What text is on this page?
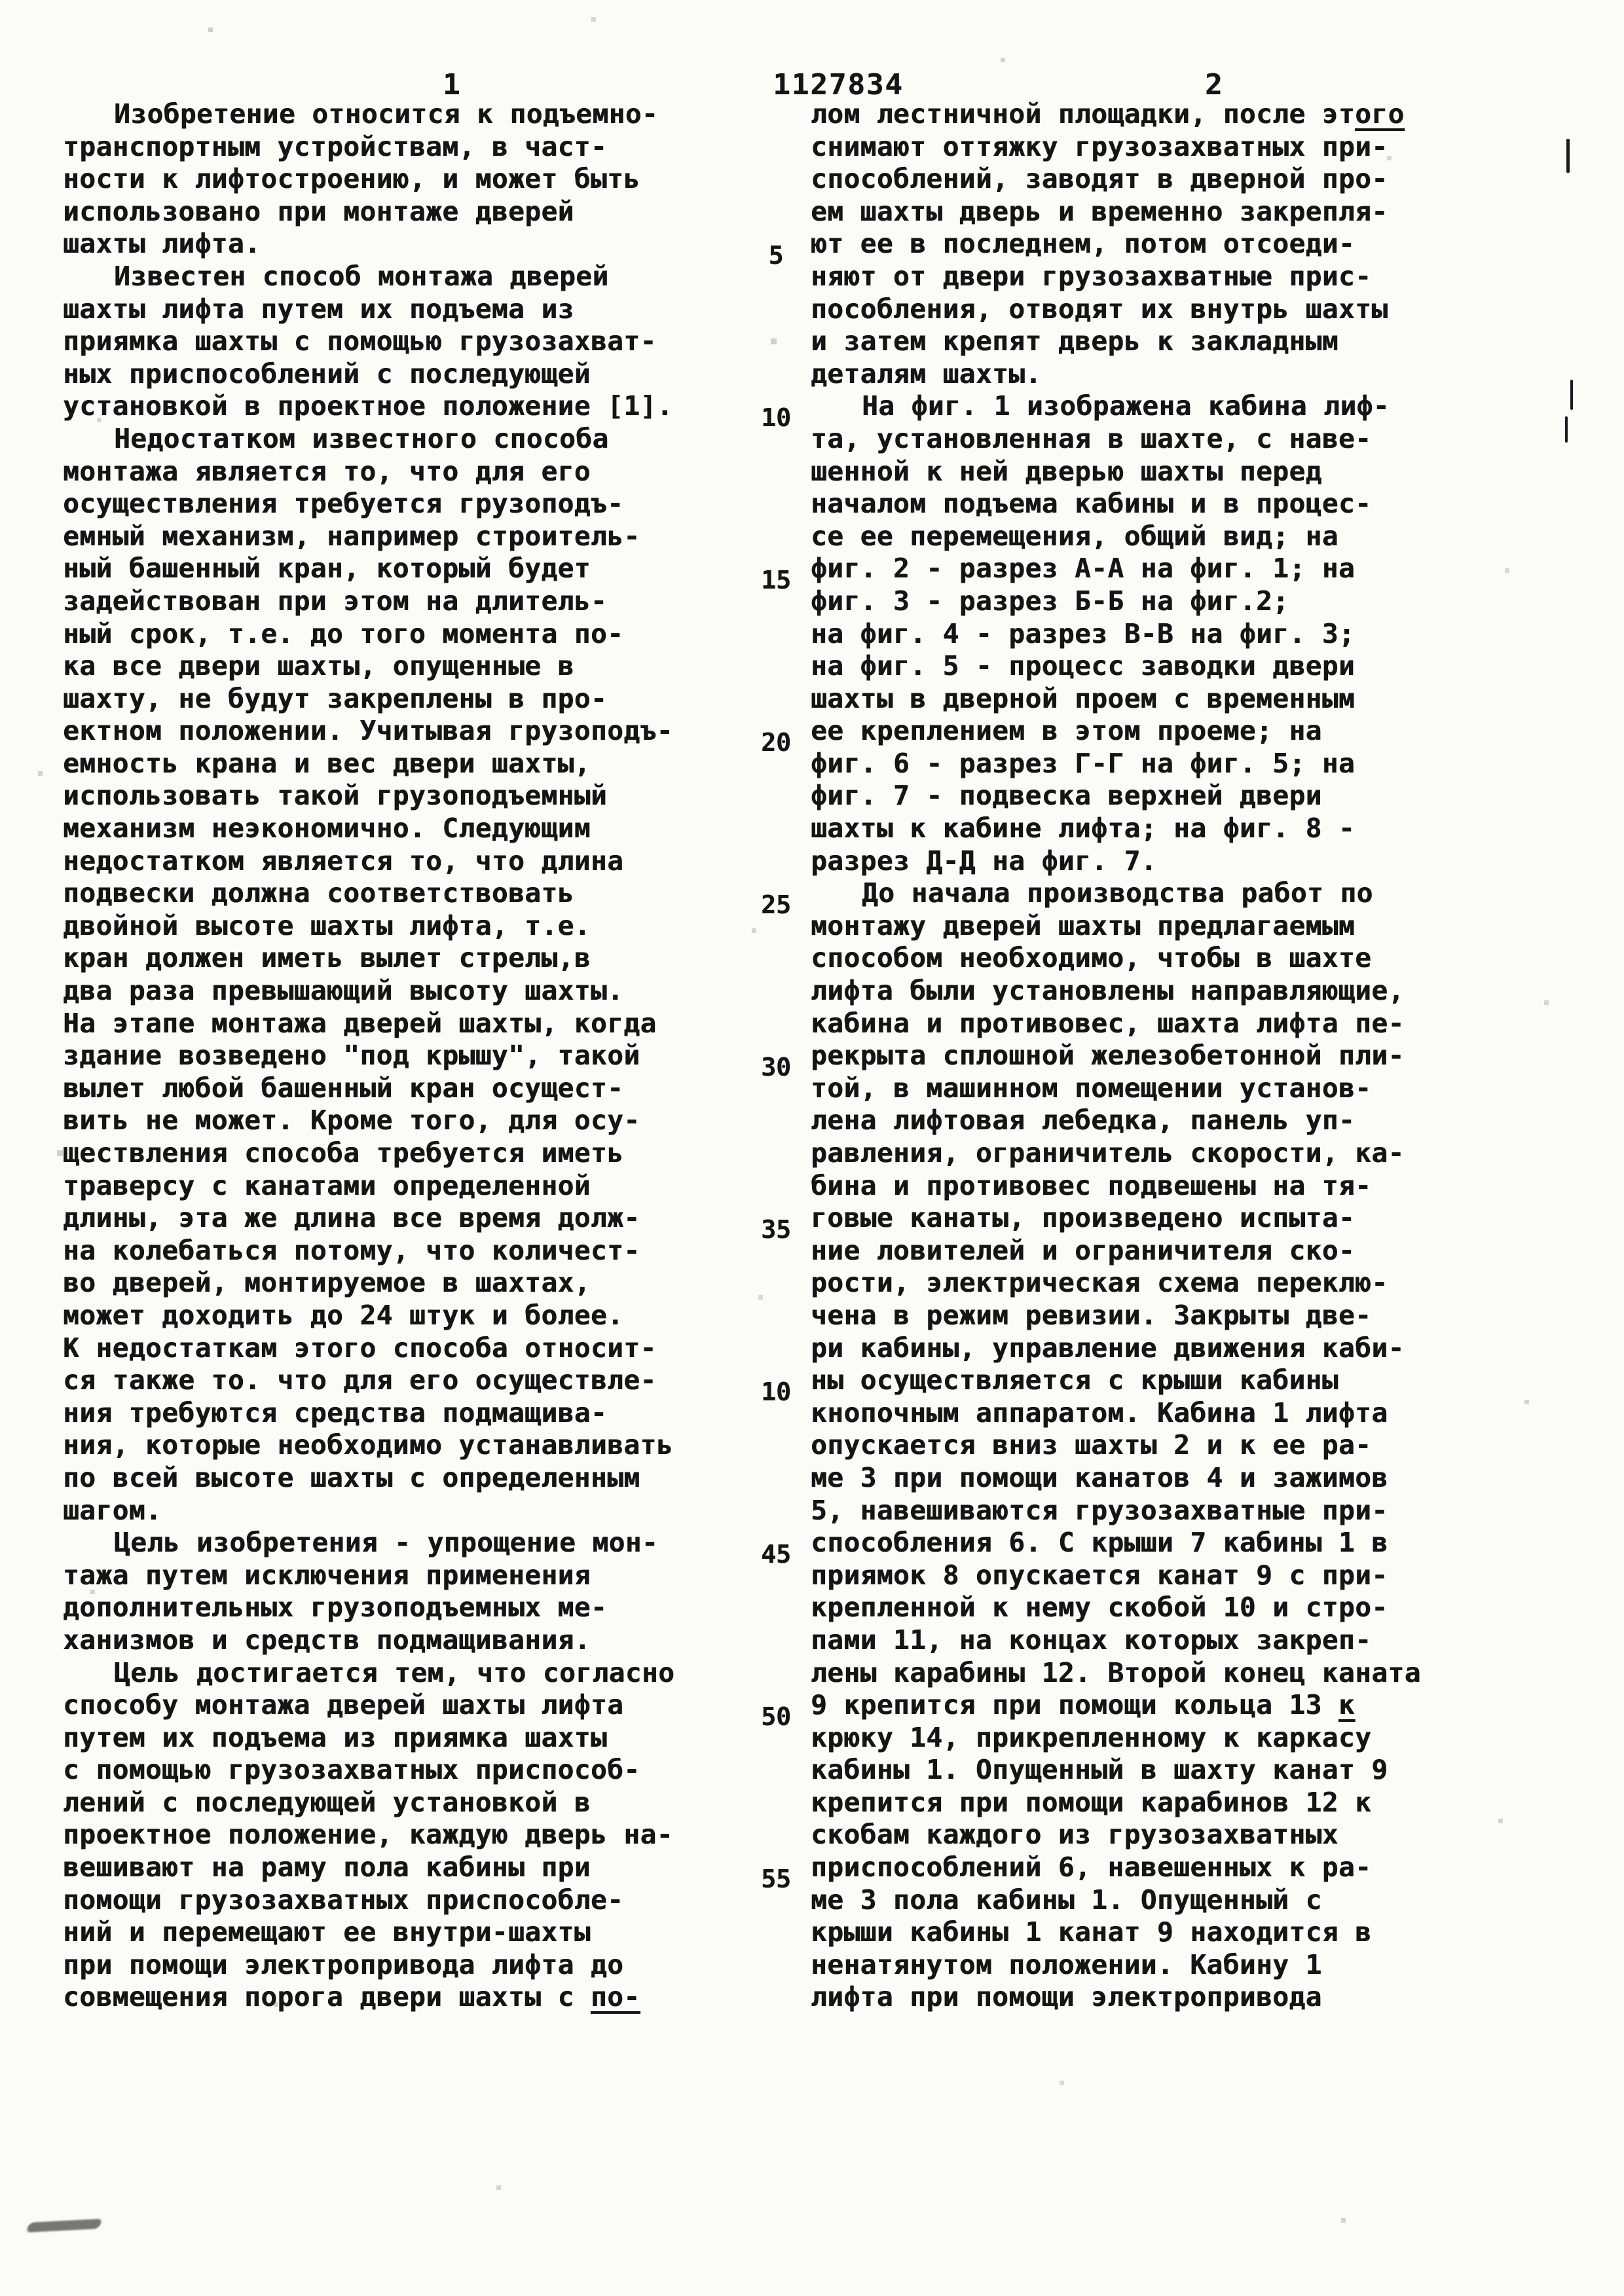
1	1127834	2
Изобретение относится к подъемно-
транспортным устройствам, в част-
ности к лифтостроению, и может быть
использовано при монтаже дверей
шахты лифта.
Известен способ монтажа дверей
шахты лифта путем их подъема из
приямка шахты с помощью грузозахват-
ных приспособлений с последующей
установкой в проектное положение [1].
Недостатком известного способа
монтажа является то, что для его
осуществления требуется грузоподъ-
емный механизм, например строитель-
ный башенный кран, который будет
задействован при этом на длитель-
ный срок, т.е. до того момента по-
ка все двери шахты, опущенные в
шахту, не будут закреплены в про-
ектном положении. Учитывая грузоподъ-
емность крана и вес двери шахты,
использовать такой грузоподъемный
механизм неэкономично. Следующим
недостатком является то, что длина
подвески должна соответствовать
двойной высоте шахты лифта, т.е.
кран должен иметь вылет стрелы,в
два раза превышающий высоту шахты.
На этапе монтажа дверей шахты, когда
здание возведено "под крышу", такой
вылет любой башенный кран осущест-
вить не может. Кроме того, для осу-
ществления способа требуется иметь
траверсу с канатами определенной
длины, эта же длина все время долж-
на колебаться потому, что количест-
во дверей, монтируемое в шахтах,
может доходить до 24 штук и более.
К недостаткам этого способа относит-
ся также то. что для его осуществле-
ния требуются средства подмащива-
ния, которые необходимо устанавливать
по всей высоте шахты с определенным
шагом.
Цель изобретения - упрощение мон-
тажа путем исключения применения
дополнительных грузоподъемных ме-
ханизмов и средств подмащивания.
Цель достигается тем, что согласно
способу монтажа дверей шахты лифта
путем их подъема из приямка шахты
с помощью грузозахватных приспособ-
лений с последующей установкой в
проектное положение, каждую дверь на-
вешивают на раму пола кабины при
помощи грузозахватных приспособле-
ний и перемещают ее внутри-шахты
при помощи электропривода лифта до
совмещения порога двери шахты с по-
лом лестничной площадки, после этого
снимают оттяжку грузозахватных при-
способлений, заводят в дверной про-
ем шахты дверь и временно закрепля-
ют ее в последнем, потом отсоеди-
няют от двери грузозахватные прис-
пособления, отводят их внутрь шахты
и затем крепят дверь к закладным
деталям шахты.
На фиг. 1 изображена кабина лиф-
та, установленная в шахте, с наве-
шенной к ней дверью шахты перед
началом подъема кабины и в процес-
се ее перемещения, общий вид; на
фиг. 2 - разрез А-А на фиг. 1; на
фиг. 3 - разрез Б-Б на фиг.2;
на фиг. 4 - разрез В-В на фиг. 3;
на фиг. 5 - процесс заводки двери
шахты в дверной проем с временным
ее креплением в этом проеме; на
фиг. 6 - разрез Г-Г на фиг. 5; на
фиг. 7 - подвеска верхней двери
шахты к кабине лифта; на фиг. 8 -
разрез Д-Д на фиг. 7.
До начала производства работ по
монтажу дверей шахты предлагаемым
способом необходимо, чтобы в шахте
лифта были установлены направляющие,
кабина и противовес, шахта лифта пе-
рекрыта сплошной железобетонной пли-
той, в машинном помещении установ-
лена лифтовая лебедка, панель уп-
равления, ограничитель скорости, ка-
бина и противовес подвешены на тя-
говые канаты, произведено испыта-
ние ловителей и ограничителя ско-
рости, электрическая схема переклю-
чена в режим ревизии. Закрыты две-
ри кабины, управление движения каби-
ны осуществляется с крыши кабины
кнопочным аппаратом. Кабина 1 лифта
опускается вниз шахты 2 и к ее ра-
ме 3 при помощи канатов 4 и зажимов
5, навешиваются грузозахватные при-
способления 6. С крыши 7 кабины 1 в
приямок 8 опускается канат 9 с при-
крепленной к нему скобой 10 и стро-
пами 11, на концах которых закреп-
лены карабины 12. Второй конец каната
9 крепится при помощи кольца 13 к
крюку 14, прикрепленному к каркасу
кабины 1. Опущенный в шахту канат 9
крепится при помощи карабинов 12 к
скобам каждого из грузозахватных
приспособлений 6, навешенных к ра-
ме 3 пола кабины 1. Опущенный с
крыши кабины 1 канат 9 находится в
ненатянутом положении. Кабину 1
лифта при помощи электропривода
5
10
15
20
25
30
35
10
45
50
55
